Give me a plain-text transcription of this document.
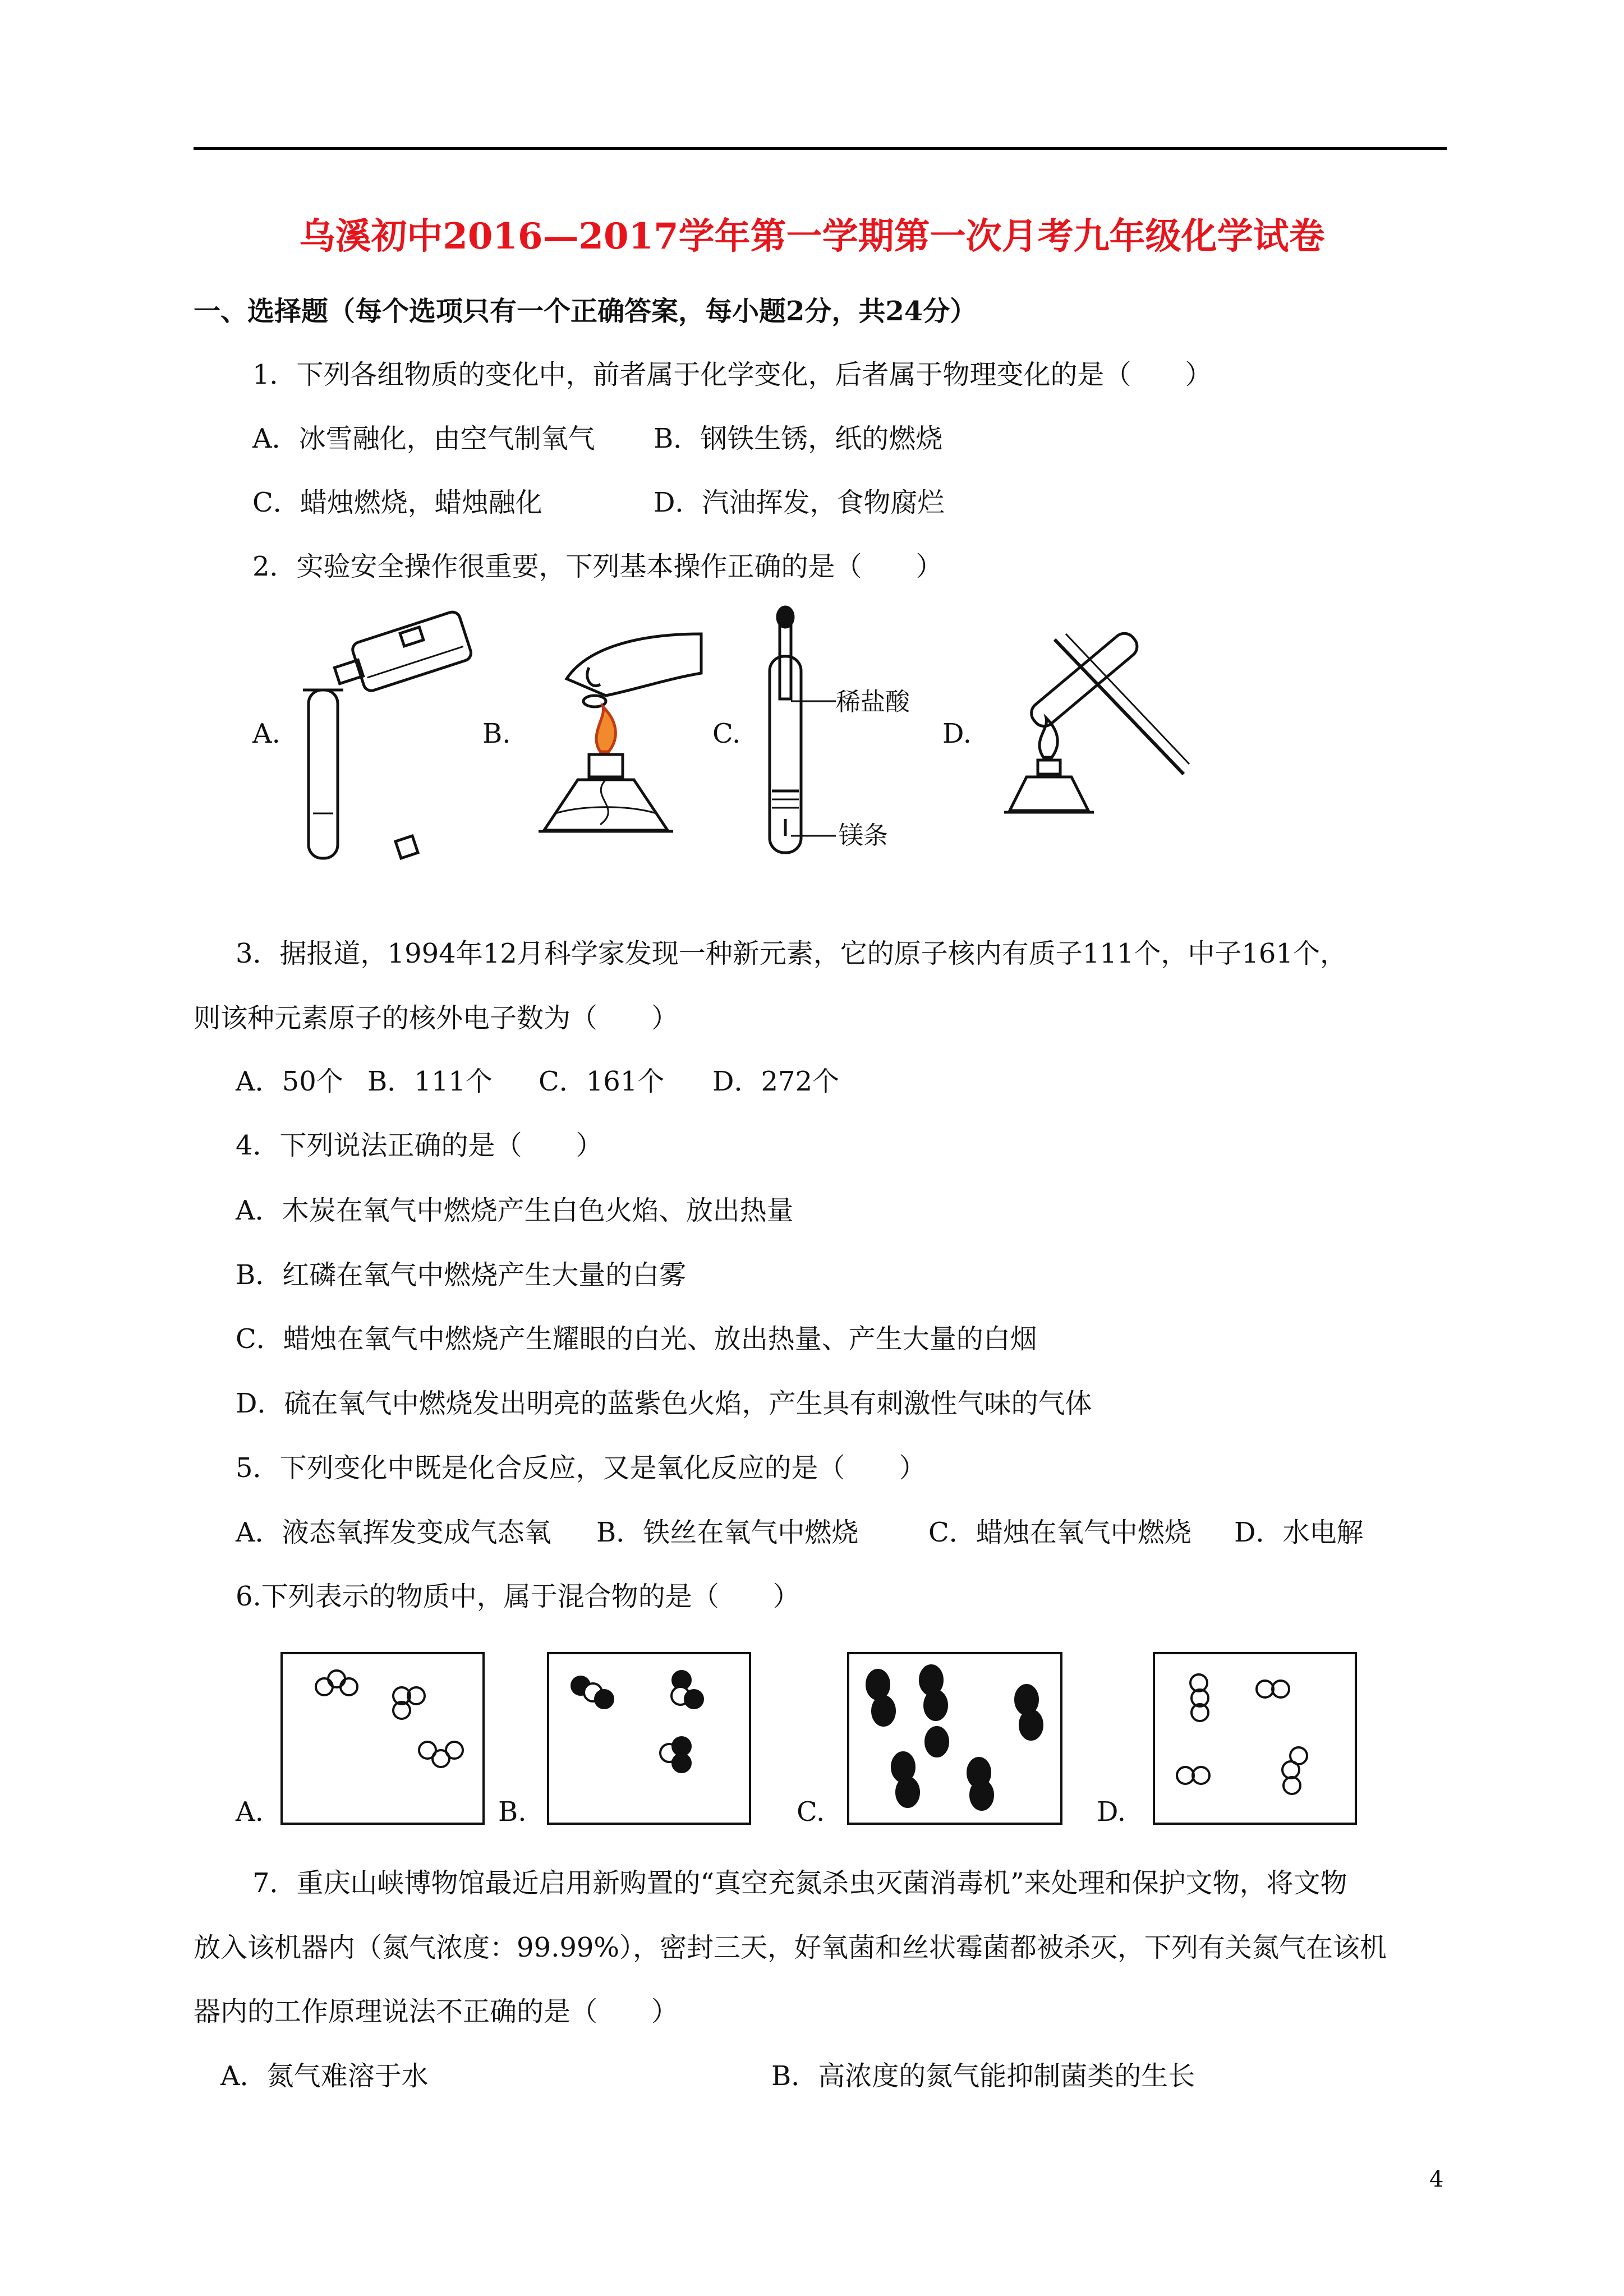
乌溪初中2016—2017学年第一学期第一次月考九年级化学试卷
一、选择题（每个选项只有一个正确答案，每小题2分，共24分）
1．下列各组物质的变化中，前者属于化学变化，后者属于物理变化的是（　　）
A．冰雪融化，由空气制氧气 B．钢铁生锈，纸的燃烧
C．蜡烛燃烧，蜡烛融化	D．汽油挥发，食物腐烂
2．实验安全操作很重要，下列基本操作正确的是（　　）
A.	B.	C.	D.
稀盐酸
镁条
3．据报道，1994年12月科学家发现一种新元素，它的原子核内有质子111个，中子161个，
则该种元素原子的核外电子数为（　　）
A．50个 B．111个 C．161个 D．272个
4．下列说法正确的是（　　）
A．木炭在氧气中燃烧产生白色火焰、放出热量
B．红磷在氧气中燃烧产生大量的白雾
C．蜡烛在氧气中燃烧产生耀眼的白光、放出热量、产生大量的白烟
D．硫在氧气中燃烧发出明亮的蓝紫色火焰，产生具有刺激性气味的气体
5．下列变化中既是化合反应，又是氧化反应的是（　　）
A．液态氧挥发变成气态氧 B．铁丝在氧气中燃烧	C．蜡烛在氧气中燃烧 D．水电解
6.下列表示的物质中，属于混合物的是（　　）
A.	B.	C.	D.
7．重庆山峡博物馆最近启用新购置的“真空充氮杀虫灭菌消毒机”来处理和保护文物，将文物
放入该机器内（氮气浓度：99.99%），密封三天，好氧菌和丝状霉菌都被杀灭，下列有关氮气在该机
器内的工作原理说法不正确的是（　　）
A．氮气难溶于水	B．高浓度的氮气能抑制菌类的生长
4
